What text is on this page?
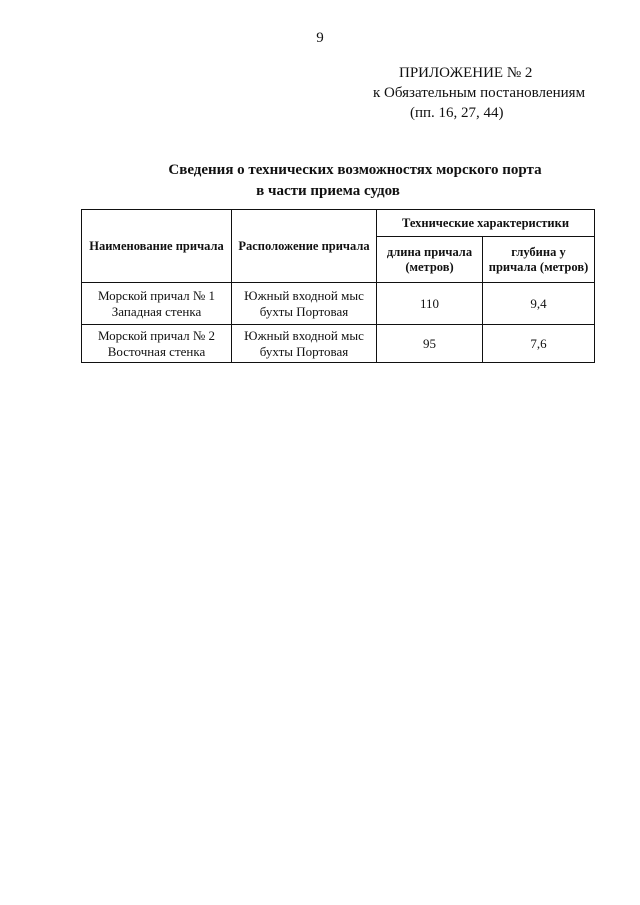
9
ПРИЛОЖЕНИЕ № 2
к Обязательным постановлениям
(пп. 16, 27, 44)
Сведения о технических возможностях морского порта
в части приема судов
Наименование причала	Расположение причала	Технические характеристики	
		длина причала (метров)	глубина у причала (метров)
Морской причал № 1 Западная стенка	Южный входной мыс бухты Портовая	110	9,4
Морской причал № 2 Восточная стенка	Южный входной мыс бухты Портовая	95	7,6
